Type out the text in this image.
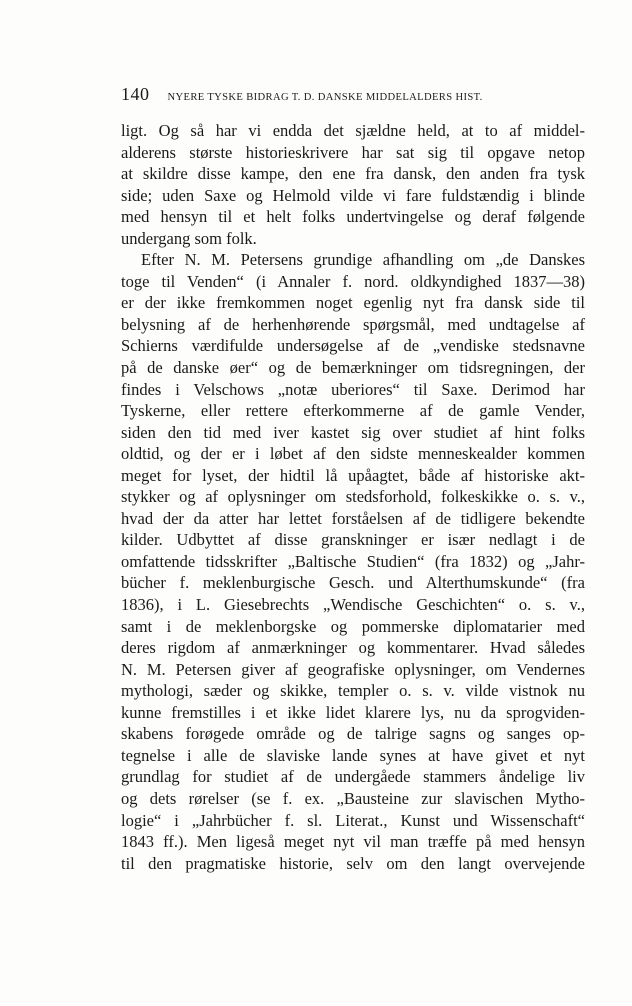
140 NYERE TYSKE BIDRAG T. D. DANSKE MIDDELALDERS HIST.
ligt. Og så har vi endda det sjældne held, at to af middel-
alderens største historieskrivere har sat sig til opgave netop
at skildre disse kampe, den ene fra dansk, den anden fra tysk
side; uden Saxe og Helmold vilde vi fare fuldstændig i blinde
med hensyn til et helt folks undertvingelse og deraf følgende
undergang som folk.
Efter N. M. Petersens grundige afhandling om „de Danskes
toge til Venden“ (i Annaler f. nord. oldkyndighed 1837—38)
er der ikke fremkommen noget egenlig nyt fra dansk side til
belysning af de herhenhørende spørgsmål, med undtagelse af
Schierns værdifulde undersøgelse af de „vendiske stedsnavne
på de danske øer“ og de bemærkninger om tidsregningen, der
findes i Velschows „notæ uberiores“ til Saxe. Derimod har
Tyskerne, eller rettere efterkommerne af de gamle Vender,
siden den tid med iver kastet sig over studiet af hint folks
oldtid, og der er i løbet af den sidste menneskealder kommen
meget for lyset, der hidtil lå upåagtet, både af historiske akt-
stykker og af oplysninger om stedsforhold, folkeskikke o. s. v.,
hvad der da atter har lettet forståelsen af de tidligere bekendte
kilder. Udbyttet af disse granskninger er især nedlagt i de
omfattende tidsskrifter „Baltische Studien“ (fra 1832) og „Jahr-
bücher f. meklenburgische Gesch. und Alterthumskunde“ (fra
1836), i L. Giesebrechts „Wendische Geschichten“ o. s. v.,
samt i de meklenborgske og pommerske diplomatarier med
deres rigdom af anmærkninger og kommentarer. Hvad således
N. M. Petersen giver af geografiske oplysninger, om Vendernes
mythologi, sæder og skikke, templer o. s. v. vilde vistnok nu
kunne fremstilles i et ikke lidet klarere lys, nu da sprogviden-
skabens forøgede område og de talrige sagns og sanges op-
tegnelse i alle de slaviske lande synes at have givet et nyt
grundlag for studiet af de undergåede stammers åndelige liv
og dets rørelser (se f. ex. „Bausteine zur slavischen Mytho-
logie“ i „Jahrbücher f. sl. Literat., Kunst und Wissenschaft“
1843 ff.). Men ligeså meget nyt vil man træffe på med hensyn
til den pragmatiske historie, selv om den langt overvejende
